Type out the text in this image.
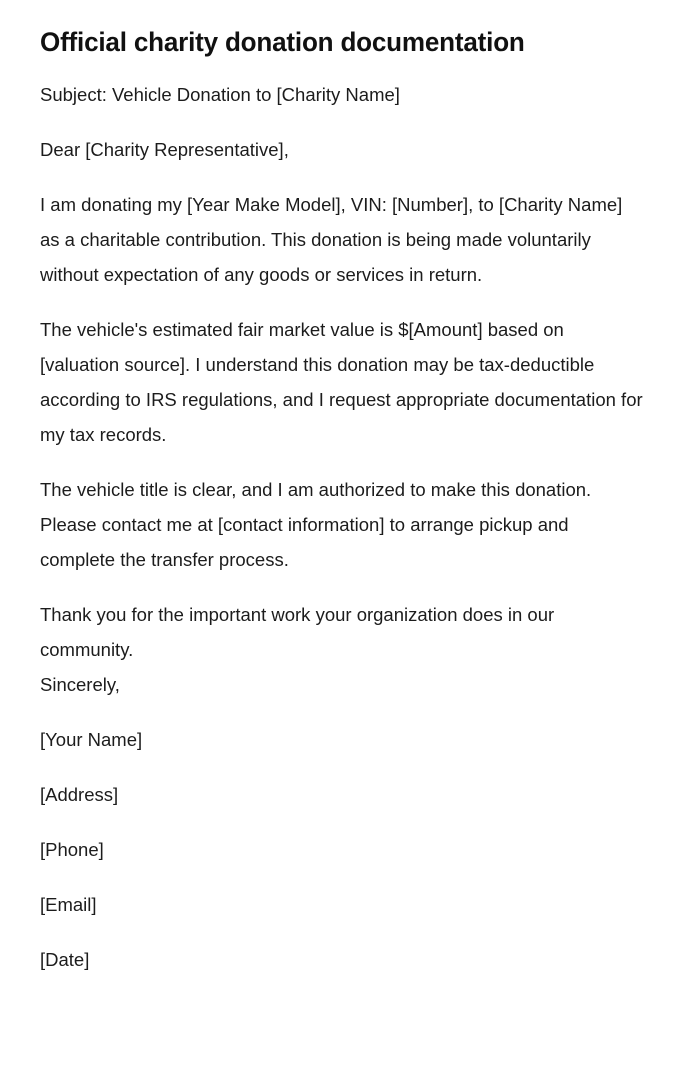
Official charity donation documentation

Subject: Vehicle Donation to [Charity Name]

Dear [Charity Representative],

I am donating my [Year Make Model], VIN: [Number], to [Charity Name] as a charitable contribution. This donation is being made voluntarily without expectation of any goods or services in return.

The vehicle's estimated fair market value is $[Amount] based on [valuation source]. I understand this donation may be tax-deductible according to IRS regulations, and I request appropriate documentation for my tax records.

The vehicle title is clear, and I am authorized to make this donation. Please contact me at [contact information] to arrange pickup and complete the transfer process.

Thank you for the important work your organization does in our community.

Sincerely,

[Your Name]

[Address]

[Phone]

[Email]

[Date]
